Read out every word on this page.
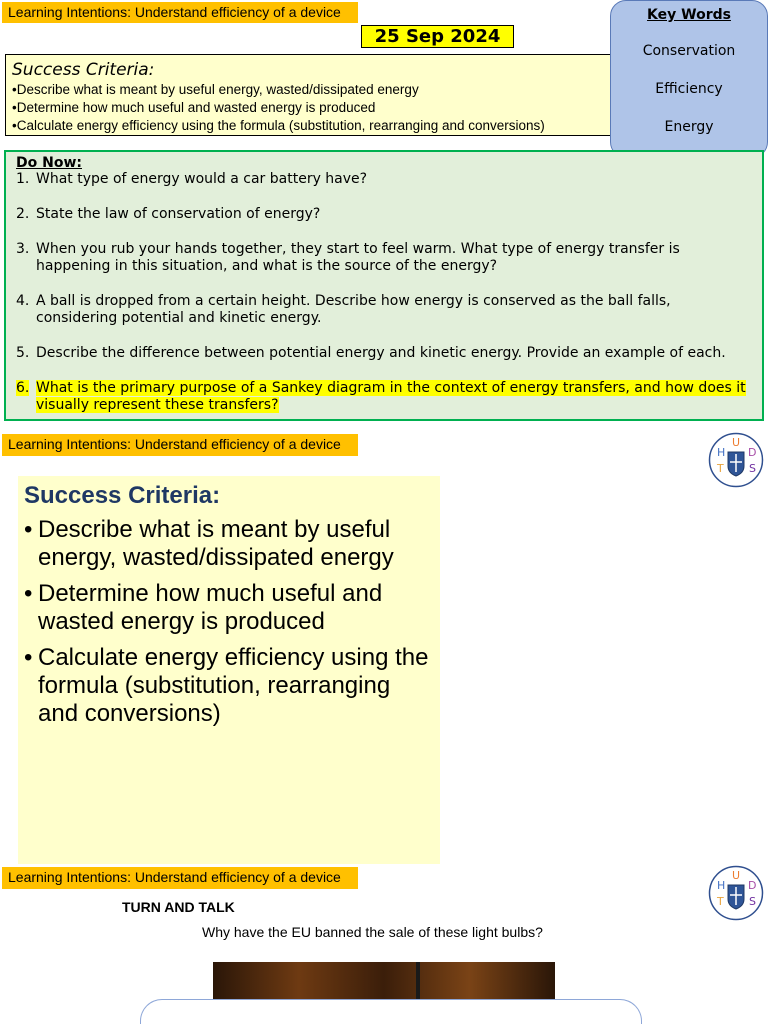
Learning Intentions: Understand efficiency of a device
25 Sep 2024
Success Criteria:
•Describe what is meant by useful energy, wasted/dissipated energy
•Determine how much useful and wasted energy is produced
•Calculate energy efficiency using the formula (substitution, rearranging and conversions)
Key Words
Conservation
Efficiency
Energy
Do Now:
1. What type of energy would a car battery have?
2. State the law of conservation of energy?
3. When you rub your hands together, they start to feel warm. What type of energy transfer is happening in this situation, and what is the source of the energy?
4. A ball is dropped from a certain height. Describe how energy is conserved as the ball falls, considering potential and kinetic energy.
5. Describe the difference between potential energy and kinetic energy. Provide an example of each.
6. What is the primary purpose of a Sankey diagram in the context of energy transfers, and how does it visually represent these transfers?
Learning Intentions: Understand efficiency of a device
H
U
D
T S
Success Criteria:
• Describe what is meant by useful energy, wasted/dissipated energy
• Determine how much useful and wasted energy is produced
• Calculate energy efficiency using the formula (substitution, rearranging and conversions)
Learning Intentions: Understand efficiency of a device
H
U
D
T S
TURN AND TALK
Why have the EU banned the sale of these light bulbs?
